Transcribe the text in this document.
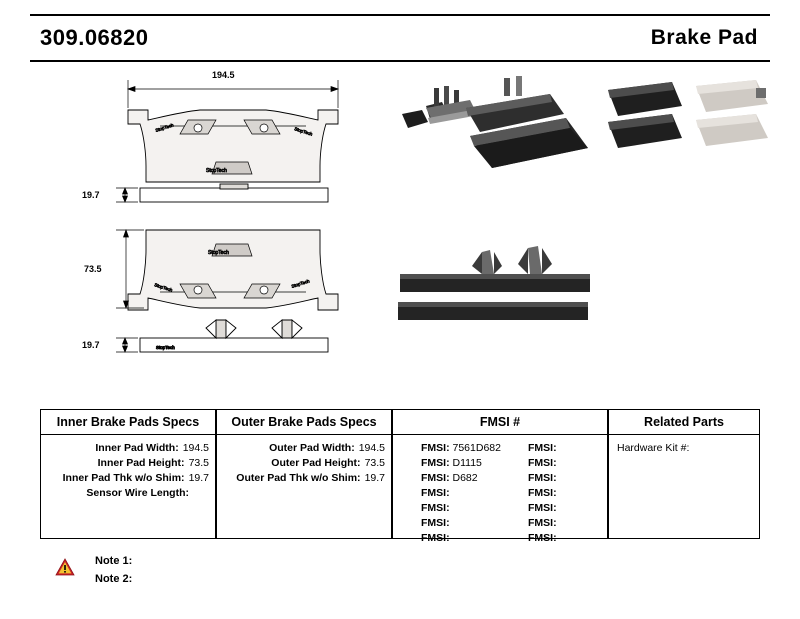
309.06820	Brake Pad
StopTech
StopTech	StopTech
StopTech
StopTech	StopTech
StopTech
194.5
19.7
73.5
19.7
Inner Brake Pads Specs
Inner Pad Width: 194.5
Inner Pad Height: 73.5
Inner Pad Thk w/o Shim: 19.7
Sensor Wire Length:
Outer Brake Pads Specs
Outer Pad Width: 194.5
Outer Pad Height: 73.5
Outer Pad Thk w/o Shim: 19.7
FMSI #
FMSI: 7561D682
FMSI: D1115
FMSI: D682
FMSI:
FMSI:
FMSI:
FMSI:
FMSI:
FMSI:
FMSI:
FMSI:
FMSI:
FMSI:
FMSI:
Related Parts
Hardware Kit #:
Note 1:
Note 2:
